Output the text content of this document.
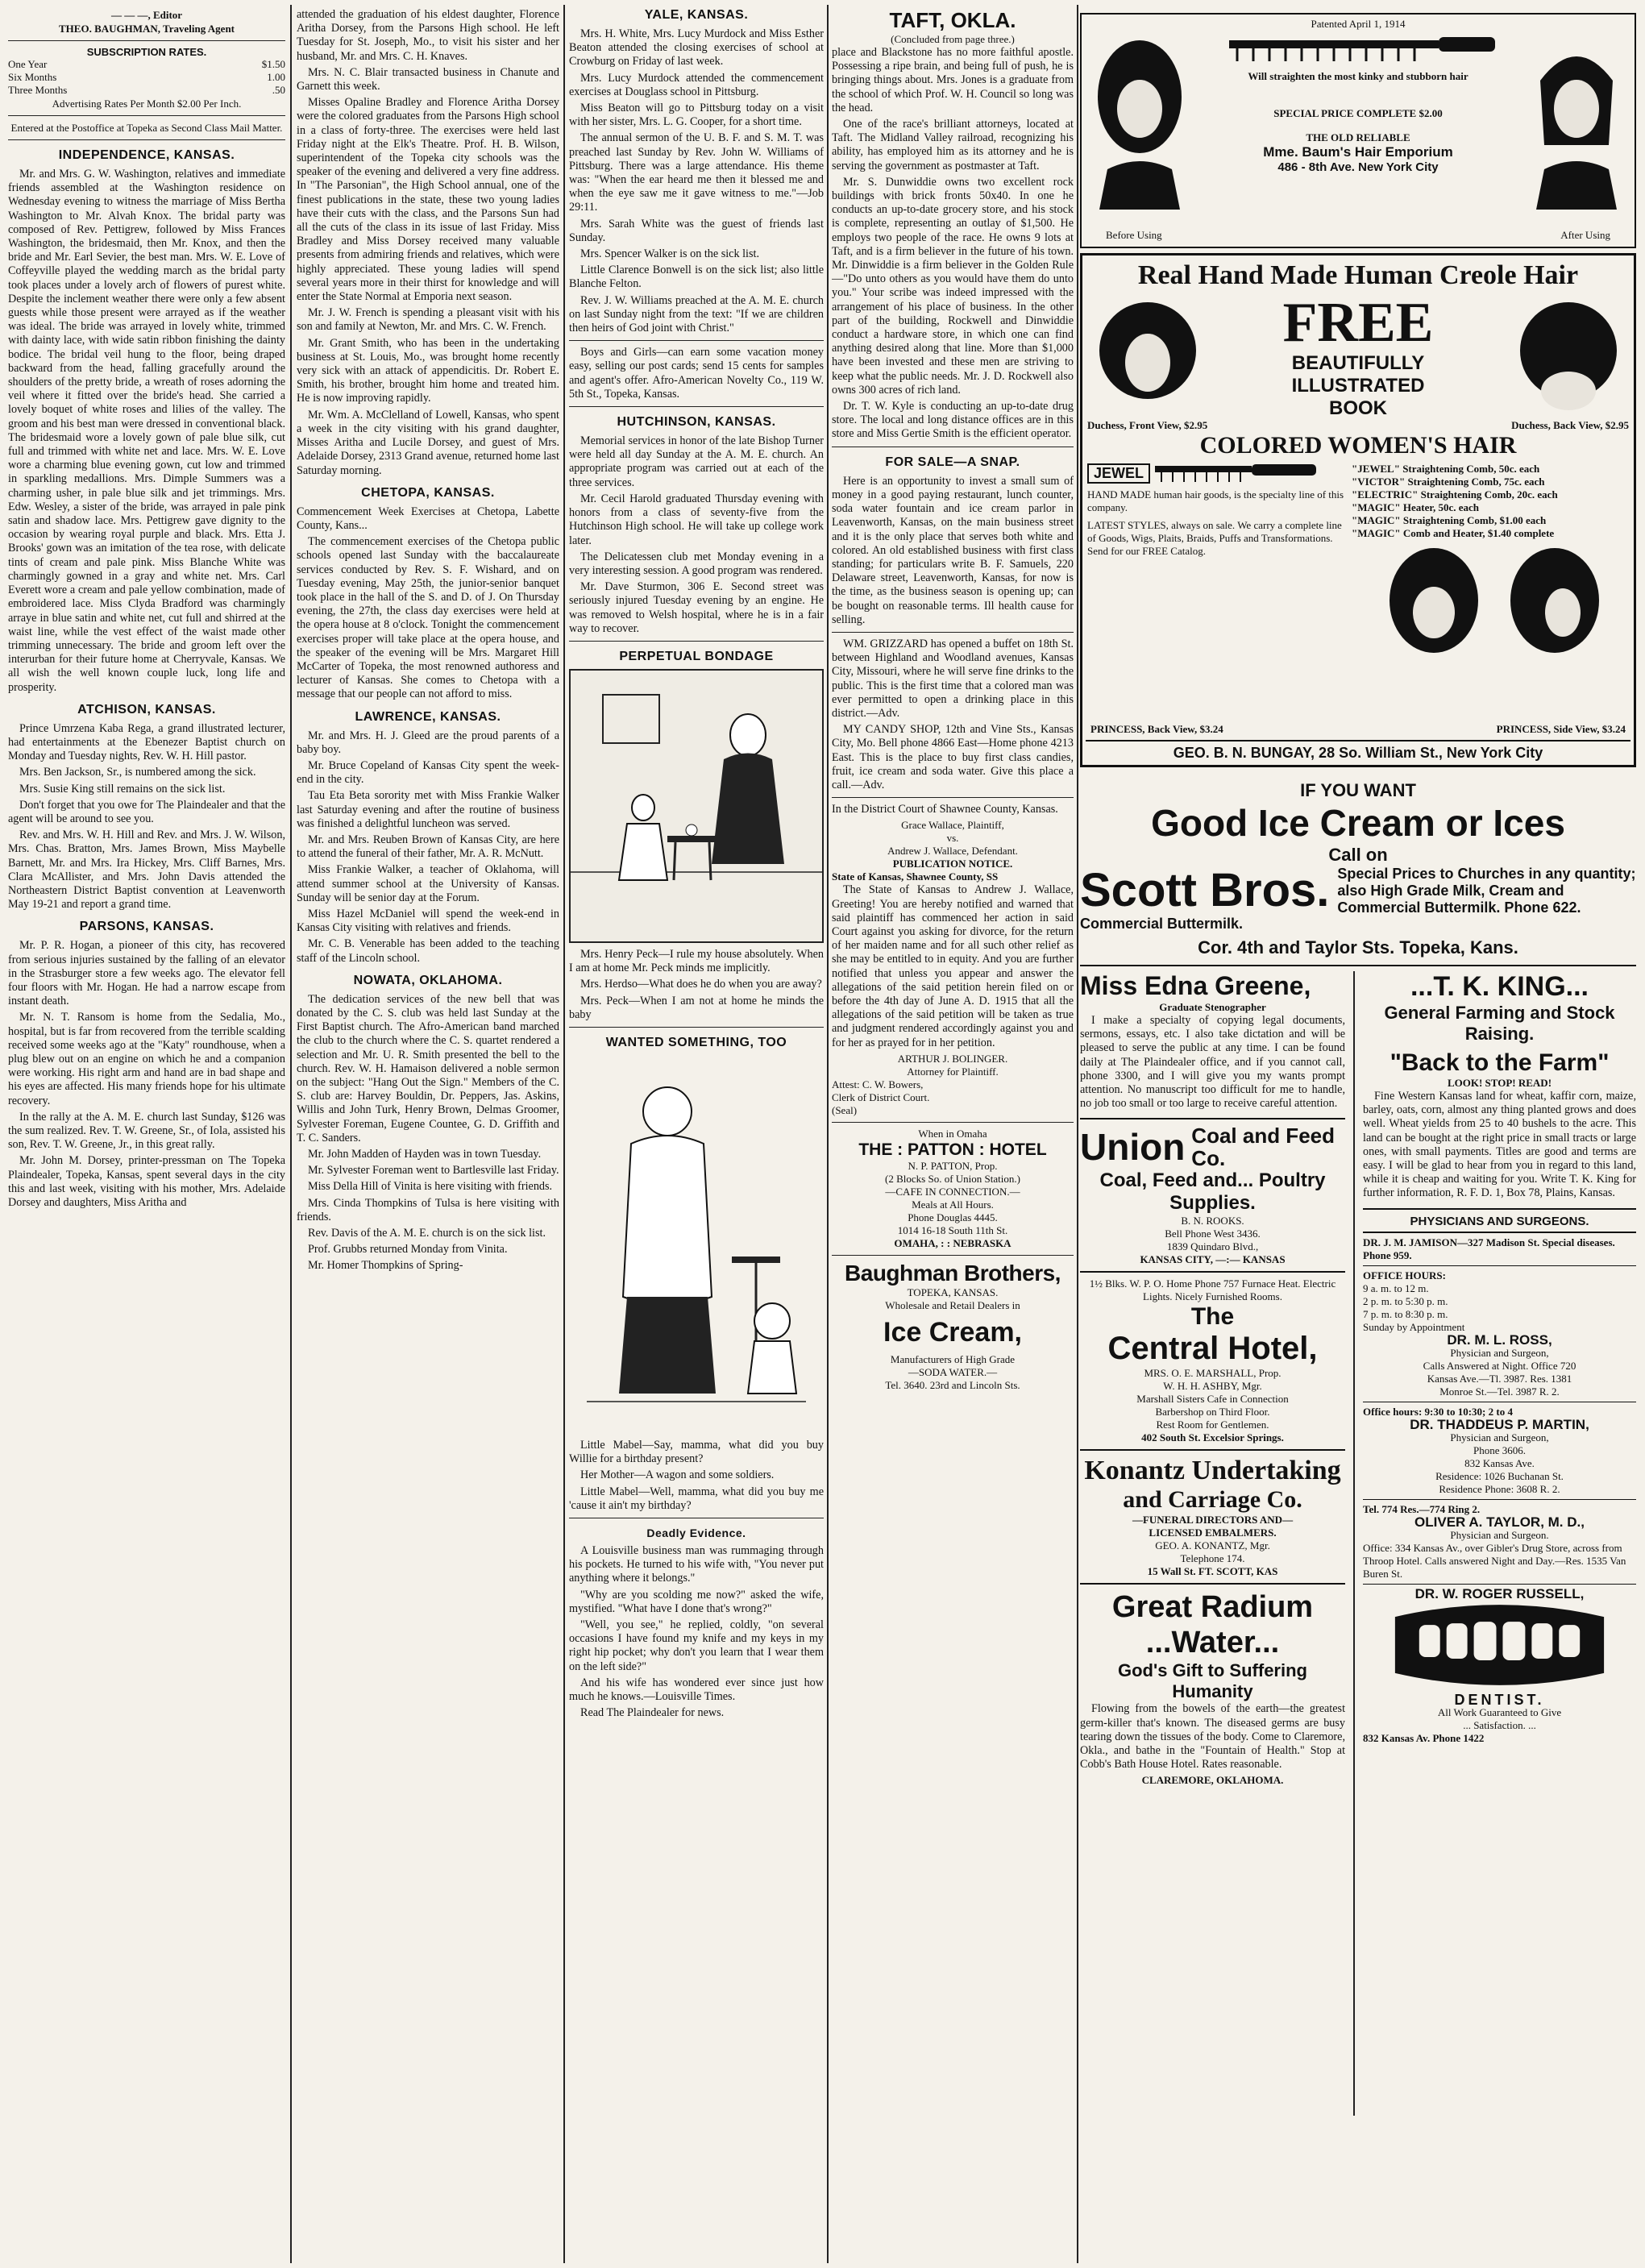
— — —, Editor
THEO. BAUGHMAN, Traveling Agent
SUBSCRIPTION RATES.
One Year	$1.50
Six Months	1.00
Three Months	.50
Advertising Rates Per Month $2.00 Per Inch.
Entered at the Postoffice at Topeka as Second Class Mail Matter.
INDEPENDENCE, KANSAS.

Mr. and Mrs. G. W. Washington, relatives and immediate friends assembled at the Washington residence on Wednesday evening to witness the marriage of Miss Bertha Washington to Mr. Alvah Knox. The bridal party was composed of Rev. Pettigrew, followed by Miss Frances Washington, the bridesmaid, then Mr. Knox, and then the bride and Mr. Earl Sevier, the best man. Mrs. W. E. Love of Coffeyville played the wedding march as the bridal party took places under a lovely arch of flowers of purest white. Despite the inclement weather there were only a few absent guests while those present were arrayed as if the weather was ideal. The bride was arrayed in lovely white, trimmed with dainty lace, with wide satin ribbon finishing the dainty bodice. The bridal veil hung to the floor, being draped backward from the head, falling gracefully around the shoulders of the pretty bride, a wreath of roses adorning the veil where it fitted over the bride's head. She carried a lovely boquet of white roses and lilies of the valley. The groom and his best man were dressed in conventional black. The bridesmaid wore a lovely gown of pale blue silk, cut full and trimmed with white net and lace. Mrs. W. E. Love wore a charming blue evening gown, cut low and trimmed in sparkling medallions. Mrs. Dimple Summers was a charming usher, in pale blue silk and jet trimmings. Mrs. Edw. Wesley, a sister of the bride, was arrayed in pale pink satin and shadow lace. Mrs. Pettigrew gave dignity to the occasion by wearing royal purple and black. Mrs. Etta J. Brooks' gown was an imitation of the tea rose, with delicate tints of cream and pale pink. Miss Blanche White was charmingly gowned in a gray and white net. Mrs. Carl Everett wore a cream and pale yellow combination, made of embroidered lace. Miss Clyda Bradford was charmingly arraye in blue satin and white net, cut full and shirred at the waist line, while the vest effect of the waist made other trimming unnecessary. The bride and groom left over the interurban for their future home at Cherryvale, Kansas. We all wish the well known couple luck, long life and prosperity.

ATCHISON, KANSAS.

Prince Umrzena Kaba Rega, a grand illustrated lecturer, had entertainments at the Ebenezer Baptist church on Monday and Tuesday nights, Rev. W. H. Hill pastor.

Mrs. Ben Jackson, Sr., is numbered among the sick.

Mrs. Susie King still remains on the sick list.

Don't forget that you owe for The Plaindealer and that the agent will be around to see you.

Rev. and Mrs. W. H. Hill and Rev. and Mrs. J. W. Wilson, Mrs. Chas. Bratton, Mrs. James Brown, Miss Maybelle Barnett, Mr. and Mrs. Ira Hickey, Mrs. Cliff Barnes, Mrs. Clara McAllister, and Mrs. John Davis attended the Northeastern District Baptist convention at Leavenworth May 19-21 and report a grand time.

PARSONS, KANSAS.

Mr. P. R. Hogan, a pioneer of this city, has recovered from serious injuries sustained by the falling of an elevator in the Strasburger store a few weeks ago. The elevator fell four floors with Mr. Hogan. He had a narrow escape from instant death.

Mr. N. T. Ransom is home from the Sedalia, Mo., hospital, but is far from recovered from the terrible scalding received some weeks ago at the "Katy" roundhouse, when a plug blew out on an engine on which he and a companion were working. His right arm and hand are in bad shape and his eyes are affected. His many friends hope for his ultimate recovery.

In the rally at the A. M. E. church last Sunday, $126 was the sum realized. Rev. T. W. Greene, Sr., of Iola, assisted his son, Rev. T. W. Greene, Jr., in this great rally.

Mr. John M. Dorsey, printer-pressman on The Topeka Plaindealer, Topeka, Kansas, spent several days in the city this and last week, visiting with his mother, Mrs. Adelaide Dorsey and daughters, Miss Aritha and

attended the graduation of his eldest daughter, Florence Aritha Dorsey, from the Parsons High school. He left Tuesday for St. Joseph, Mo., to visit his sister and her husband, Mr. and Mrs. C. H. Knaves.

Mrs. N. C. Blair transacted business in Chanute and Garnett this week.

Misses Opaline Bradley and Florence Aritha Dorsey were the colored graduates from the Parsons High school in a class of forty-three. The exercises were held last Friday night at the Elk's Theatre. Prof. H. B. Wilson, superintendent of the Topeka city schools was the speaker of the evening and delivered a very fine address. In "The Parsonian", the High School annual, one of the finest publications in the state, these two young ladies have their cuts with the class, and the Parsons Sun had all the cuts of the class in its issue of last Friday. Miss Bradley and Miss Dorsey received many valuable presents from admiring friends and relatives, which were highly appreciated. These young ladies will spend several years more in their thirst for knowledge and will enter the State Normal at Emporia next season.

Mr. J. W. French is spending a pleasant visit with his son and family at Newton, Mr. and Mrs. C. W. French.

Mr. Grant Smith, who has been in the undertaking business at St. Louis, Mo., was brought home recently very sick with an attack of appendicitis. Dr. Robert E. Smith, his brother, brought him home and treated him. He is now improving rapidly.

Mr. Wm. A. McClelland of Lowell, Kansas, who spent a week in the city visiting with his grand daughter, Misses Aritha and Lucile Dorsey, and guest of Mrs. Adelaide Dorsey, 2313 Grand avenue, returned home last Saturday morning.

CHETOPA, KANSAS.

Commencement Week Exercises at Chetopa, Labette County, Kans...

The commencement exercises of the Chetopa public schools opened last Sunday with the baccalaureate services conducted by Rev. S. F. Wishard, and on Tuesday evening, May 25th, the junior-senior banquet took place in the hall of the S. and D. of J. On Thursday evening, the 27th, the class day exercises were held at the opera house at 8 o'clock. Tonight the commencement exercises proper will take place at the opera house, and the speaker of the evening will be Mrs. Margaret Hill McCarter of Topeka, the most renowned authoress and lecturer of Kansas. She comes to Chetopa with a message that our people can not afford to miss.

LAWRENCE, KANSAS.

Mr. and Mrs. H. J. Gleed are the proud parents of a baby boy.

Mr. Bruce Copeland of Kansas City spent the week-end in the city.

Tau Eta Beta sorority met with Miss Frankie Walker last Saturday evening and after the routine of business was finished a delightful luncheon was served.

Mr. and Mrs. Reuben Brown of Kansas City, are here to attend the funeral of their father, Mr. A. R. McNutt.

Miss Frankie Walker, a teacher of Oklahoma, will attend summer school at the University of Kansas. Sunday will be senior day at the Forum.

Miss Hazel McDaniel will spend the week-end in Kansas City visiting with relatives and friends.

Mr. C. B. Venerable has been added to the teaching staff of the Lincoln school.

NOWATA, OKLAHOMA.

The dedication services of the new bell that was donated by the C. S. club was held last Sunday at the First Baptist church. The Afro-American band marched the club to the church where the C. S. quartet rendered a selection and Mr. U. R. Smith presented the bell to the church. Rev. W. H. Hamaison delivered a noble sermon on the subject: "Hang Out the Sign." Members of the C. S. club are: Harvey Bouldin, Dr. Peppers, Jas. Askins, Willis and John Turk, Henry Brown, Delmas Groomer, Sylvester Foreman, Eugene Countee, G. D. Griffith and T. C. Sanders.

Mr. John Madden of Hayden was in town Tuesday.

Mr. Sylvester Foreman went to Bartlesville last Friday.

Miss Della Hill of Vinita is here visiting with friends.

Mrs. Cinda Thompkins of Tulsa is here visiting with friends.

Rev. Davis of the A. M. E. church is on the sick list.

Prof. Grubbs returned Monday from Vinita.

Mr. Homer Thompkins of Spring-

YALE, KANSAS.

Mrs. H. White, Mrs. Lucy Murdock and Miss Esther Beaton attended the closing exercises of school at Crowburg on Friday of last week.

Mrs. Lucy Murdock attended the commencement exercises at Douglass school in Pittsburg.

Miss Beaton will go to Pittsburg today on a visit with her sister, Mrs. L. G. Cooper, for a short time.

The annual sermon of the U. B. F. and S. M. T. was preached last Sunday by Rev. John W. Williams of Pittsburg. There was a large attendance. His theme was: "When the ear heard me then it blessed me and when the eye saw me it gave witness to me."—Job 29:11.

Mrs. Sarah White was the guest of friends last Sunday.

Mrs. Spencer Walker is on the sick list.

Little Clarence Bonwell is on the sick list; also little Blanche Felton.

Rev. J. W. Williams preached at the A. M. E. church on last Sunday night from the text: "If we are children then heirs of God joint with Christ."

Boys and Girls—can earn some vacation money easy, selling our post cards; send 15 cents for samples and agent's offer. Afro-American Novelty Co., 119 W. 5th St., Topeka, Kansas.

HUTCHINSON, KANSAS.

Memorial services in honor of the late Bishop Turner were held all day Sunday at the A. M. E. church. An appropriate program was carried out at each of the three services.

Mr. Cecil Harold graduated Thursday evening with honors from a class of seventy-five from the Hutchinson High school. He will take up college work later.

The Delicatessen club met Monday evening in a very interesting session. A good program was rendered.

Mr. Dave Sturmon, 306 E. Second street was seriously injured Tuesday evening by an engine. He was removed to Welsh hospital, where he is in a fair way to recover.

PERPETUAL BONDAGE

Mrs. Henry Peck—I rule my house absolutely. When I am at home Mr. Peck minds me implicitly.

Mrs. Herdso—What does he do when you are away?

Mrs. Peck—When I am not at home he minds the baby

WANTED SOMETHING, TOO

Little Mabel—Say, mamma, what did you buy Willie for a birthday present?

Her Mother—A wagon and some soldiers.

Little Mabel—Well, mamma, what did you buy me 'cause it ain't my birthday?

Deadly Evidence.

A Louisville business man was rummaging through his pockets. He turned to his wife with, "You never put anything where it belongs."

"Why are you scolding me now?" asked the wife, mystified. "What have I done that's wrong?"

"Well, you see," he replied, coldly, "on several occasions I have found my knife and my keys in my right hip pocket; why don't you learn that I wear them on the left side?"

And his wife has wondered ever since just how much he knows.—Louisville Times.

Read The Plaindealer for news.

TAFT, OKLA.
(Concluded from page three.)

place and Blackstone has no more faithful apostle. Possessing a ripe brain, and being full of push, he is bringing things about. Mrs. Jones is a graduate from the school of which Prof. W. H. Council so long was the head.

One of the race's brilliant attorneys, located at Taft. The Midland Valley railroad, recognizing his ability, has employed him as its attorney and he is serving the government as postmaster at Taft.

Mr. S. Dunwiddie owns two excellent rock buildings with brick fronts 50x40. In one he conducts an up-to-date grocery store, and his stock is complete, representing an outlay of $1,500. He employs two people of the race. He owns 9 lots at Taft, and is a firm believer in the future of his town. Mr. Dinwiddie is a firm believer in the Golden Rule—"Do unto others as you would have them do unto you." Your scribe was indeed impressed with the arrangement of his place of business. In the other part of the building, Rockwell and Dinwiddie conduct a hardware store, in which one can find anything desired along that line. More than $1,000 have been invested and these men are striving to keep what the public needs. Mr. J. D. Rockwell also owns 300 acres of rich land.

Dr. T. W. Kyle is conducting an up-to-date drug store. The local and long distance offices are in this store and Miss Gertie Smith is the efficient operator.

FOR SALE—A SNAP.

Here is an opportunity to invest a small sum of money in a good paying restaurant, lunch counter, soda water fountain and ice cream parlor in Leavenworth, Kansas, on the main business street and it is the only place that serves both white and colored. An old established business with first class standing; for particulars write B. F. Samuels, 220 Delaware street, Leavenworth, Kansas, for now is the time, as the business season is opening up; can be bought on reasonable terms. Ill health cause for selling.

WM. GRIZZARD has opened a buffet on 18th St. between Highland and Woodland avenues, Kansas City, Missouri, where he will serve fine drinks to the public. This is the first time that a colored man was ever permitted to open a drinking place in this district.—Adv.

MY CANDY SHOP, 12th and Vine Sts., Kansas City, Mo. Bell phone 4866 East—Home phone 4213 East. This is the place to buy first class candies, fruit, ice cream and soda water. Give this place a call.—Adv.

In the District Court of Shawnee County, Kansas.

Grace Wallace, Plaintiff,
vs.
Andrew J. Wallace, Defendant.
PUBLICATION NOTICE.
State of Kansas, Shawnee County, SS

The State of Kansas to Andrew J. Wallace, Greeting! You are hereby notified and warned that said plaintiff has commenced her action in said Court against you asking for divorce, for the return of her maiden name and for all such other relief as she may be entitled to in equity. And you are further notified that unless you appear and answer the allegations of the said petition herein filed on or before the 4th day of June A. D. 1915 that all the allegations of the said petition will be taken as true and judgment rendered accordingly against you and for her as prayed for in her petition.

ARTHUR J. BOLINGER.
Attorney for Plaintiff.
Attest: C. W. Bowers,
Clerk of District Court.
(Seal)
When in Omaha
THE : PATTON : HOTEL
N. P. PATTON, Prop.
(2 Blocks So. of Union Station.)
—CAFE IN CONNECTION.—
Meals at All Hours.
Phone Douglas 4445.
1014 16-18 South 11th St.
OMAHA, : : NEBRASKA
Baughman Brothers,
TOPEKA, KANSAS.
Wholesale and Retail Dealers in
Ice Cream,
Manufacturers of High Grade
—SODA WATER.—
Tel. 3640. 23rd and Lincoln Sts.
Patented April 1, 1914
Will straighten the most kinky and stubborn hair
SPECIAL PRICE COMPLETE $2.00
THE OLD RELIABLE
Mme. Baum's Hair Emporium
486 - 8th Ave. New York City
Before Using	After Using
Real Hand Made Human Creole Hair
Duchess, Front View, $2.95
FREE
BEAUTIFULLY
ILLUSTRATED
BOOK
Duchess, Back View, $2.95
COLORED WOMEN'S HAIR
JEWEL
HAND MADE human hair goods, is the specialty line of this company.
LATEST STYLES, always on sale. We carry a complete line of Goods, Wigs, Plaits, Braids, Puffs and Transformations. Send for our FREE Catalog.
"JEWEL" Straightening Comb, 50c. each
"VICTOR" Straightening Comb, 75c. each
"ELECTRIC" Straightening Comb, 20c. each
"MAGIC" Heater, 50c. each
"MAGIC" Straightening Comb, $1.00 each
"MAGIC" Comb and Heater, $1.40 complete
PRINCESS, Back View, $3.24	PRINCESS, Side View, $3.24
GEO. B. N. BUNGAY, 28 So. William St., New York City
IF YOU WANT
Good Ice Cream or Ices
Call on
Scott Bros.
Commercial Buttermilk.
Special Prices to Churches in any quantity; also High Grade Milk, Cream and Commercial Buttermilk. Phone 622.
Cor. 4th and Taylor Sts. Topeka, Kans.
Miss Edna Greene,
Graduate Stenographer

I make a specialty of copying legal documents, sermons, essays, etc. I also take dictation and will be pleased to serve the public at any time. I can be found daily at The Plaindealer office, and if you cannot call, phone 3300, and I will give you my wants prompt attention. No manuscript too difficult for me to handle, no job too small or too large to receive careful attention.

Union Coal and Feed Co.
Coal, Feed and... Poultry Supplies.
B. N. ROOKS.
Bell Phone West 3436.
1839 Quindaro Blvd.,
KANSAS CITY, —:— KANSAS
1½ Blks. W. P. O. Home Phone 757 Furnace Heat. Electric Lights. Nicely Furnished Rooms.
The
Central Hotel,
MRS. O. E. MARSHALL, Prop.
W. H. H. ASHBY, Mgr.
Marshall Sisters Cafe in Connection
Barbershop on Third Floor.
Rest Room for Gentlemen.
402 South St. Excelsior Springs.
Konantz Undertaking
and Carriage Co.
—FUNERAL DIRECTORS AND—
LICENSED EMBALMERS.
GEO. A. KONANTZ, Mgr.
Telephone 174.
15 Wall St. FT. SCOTT, KAS
Great Radium ...Water...
God's Gift to Suffering Humanity

Flowing from the bowels of the earth—the greatest germ-killer that's known. The diseased germs are busy tearing down the tissues of the body. Come to Claremore, Okla., and bathe in the "Fountain of Health." Stop at Cobb's Bath House Hotel. Rates reasonable.

CLAREMORE, OKLAHOMA.
...T. K. KING...
General Farming and Stock Raising.
"Back to the Farm"
LOOK! STOP! READ!

Fine Western Kansas land for wheat, kaffir corn, maize, barley, oats, corn, almost any thing planted grows and does well. Wheat yields from 25 to 40 bushels to the acre. This land can be bought at the right price in small tracts or large ones, with small payments. Titles are good and terms are easy. I will be glad to hear from you in regard to this land, while it is cheap and waiting for you. Write T. K. King for further information, R. F. D. 1, Box 78, Plains, Kansas.

PHYSICIANS AND SURGEONS.

DR. J. M. JAMISON—327 Madison St. Special diseases. Phone 959.

OFFICE HOURS:

9 a. m. to 12 m.

2 p. m. to 5:30 p. m.

7 p. m. to 8:30 p. m.

Sunday by Appointment

DR. M. L. ROSS,

Physician and Surgeon,

Calls Answered at Night. Office 720

Kansas Ave.—Tl. 3987. Res. 1381

Monroe St.—Tel. 3987 R. 2.

Office hours: 9:30 to 10:30; 2 to 4

DR. THADDEUS P. MARTIN,

Physician and Surgeon,

Phone 3606.

832 Kansas Ave.

Residence: 1026 Buchanan St.

Residence Phone: 3608 R. 2.

Tel. 774 Res.—774 Ring 2.

OLIVER A. TAYLOR, M. D.,

Physician and Surgeon.

Office: 334 Kansas Av., over Gibler's Drug Store, across from Throop Hotel. Calls answered Night and Day.—Res. 1535 Van Buren St.

DR. W. ROGER RUSSELL,

DENTIST.

All Work Guaranteed to Give

... Satisfaction. ...

832 Kansas Av. Phone 1422
